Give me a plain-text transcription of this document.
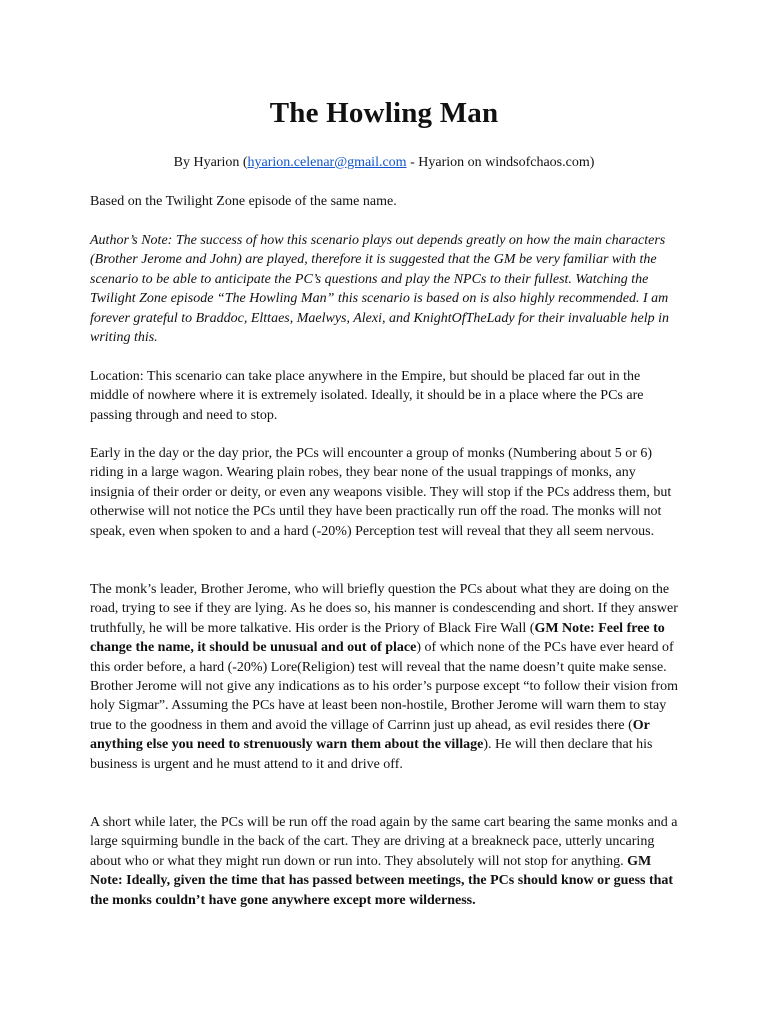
The Howling Man
By Hyarion (hyarion.celenar@gmail.com - Hyarion on windsofchaos.com)

Based on the Twilight Zone episode of the same name.

Author’s Note: The success of how this scenario plays out depends greatly on how the main characters (Brother Jerome and John) are played, therefore it is suggested that the GM be very familiar with the scenario to be able to anticipate the PC’s questions and play the NPCs to their fullest. Watching the Twilight Zone episode “The Howling Man” this scenario is based on is also highly recommended. I am forever grateful to Braddoc, Elttaes, Maelwys, Alexi, and KnightOfTheLady for their invaluable help in writing this.

Location: This scenario can take place anywhere in the Empire, but should be placed far out in the middle of nowhere where it is extremely isolated. Ideally, it should be in a place where the PCs are passing through and need to stop.

Early in the day or the day prior, the PCs will encounter a group of monks (Numbering about 5 or 6) riding in a large wagon. Wearing plain robes, they bear none of the usual trappings of monks, any insignia of their order or deity, or even any weapons visible. They will stop if the PCs address them, but otherwise will not notice the PCs until they have been practically run off the road. The monks will not speak, even when spoken to and a hard (-20%) Perception test will reveal that they all seem nervous.

The monk’s leader, Brother Jerome, who will briefly question the PCs about what they are doing on the road, trying to see if they are lying. As he does so, his manner is condescending and short. If they answer truthfully, he will be more talkative. His order is the Priory of Black Fire Wall (GM Note: Feel free to change the name, it should be unusual and out of place) of which none of the PCs have ever heard of this order before, a hard (-20%) Lore(Religion) test will reveal that the name doesn’t quite make sense. Brother Jerome will not give any indications as to his order’s purpose except “to follow their vision from holy Sigmar”. Assuming the PCs have at least been non-hostile, Brother Jerome will warn them to stay true to the goodness in them and avoid the village of Carrinn just up ahead, as evil resides there (Or anything else you need to strenuously warn them about the village). He will then declare that his business is urgent and he must attend to it and drive off.

A short while later, the PCs will be run off the road again by the same cart bearing the same monks and a large squirming bundle in the back of the cart. They are driving at a breakneck pace, utterly uncaring about who or what they might run down or run into. They absolutely will not stop for anything. GM Note: Ideally, given the time that has passed between meetings, the PCs should know or guess that the monks couldn’t have gone anywhere except more wilderness.
